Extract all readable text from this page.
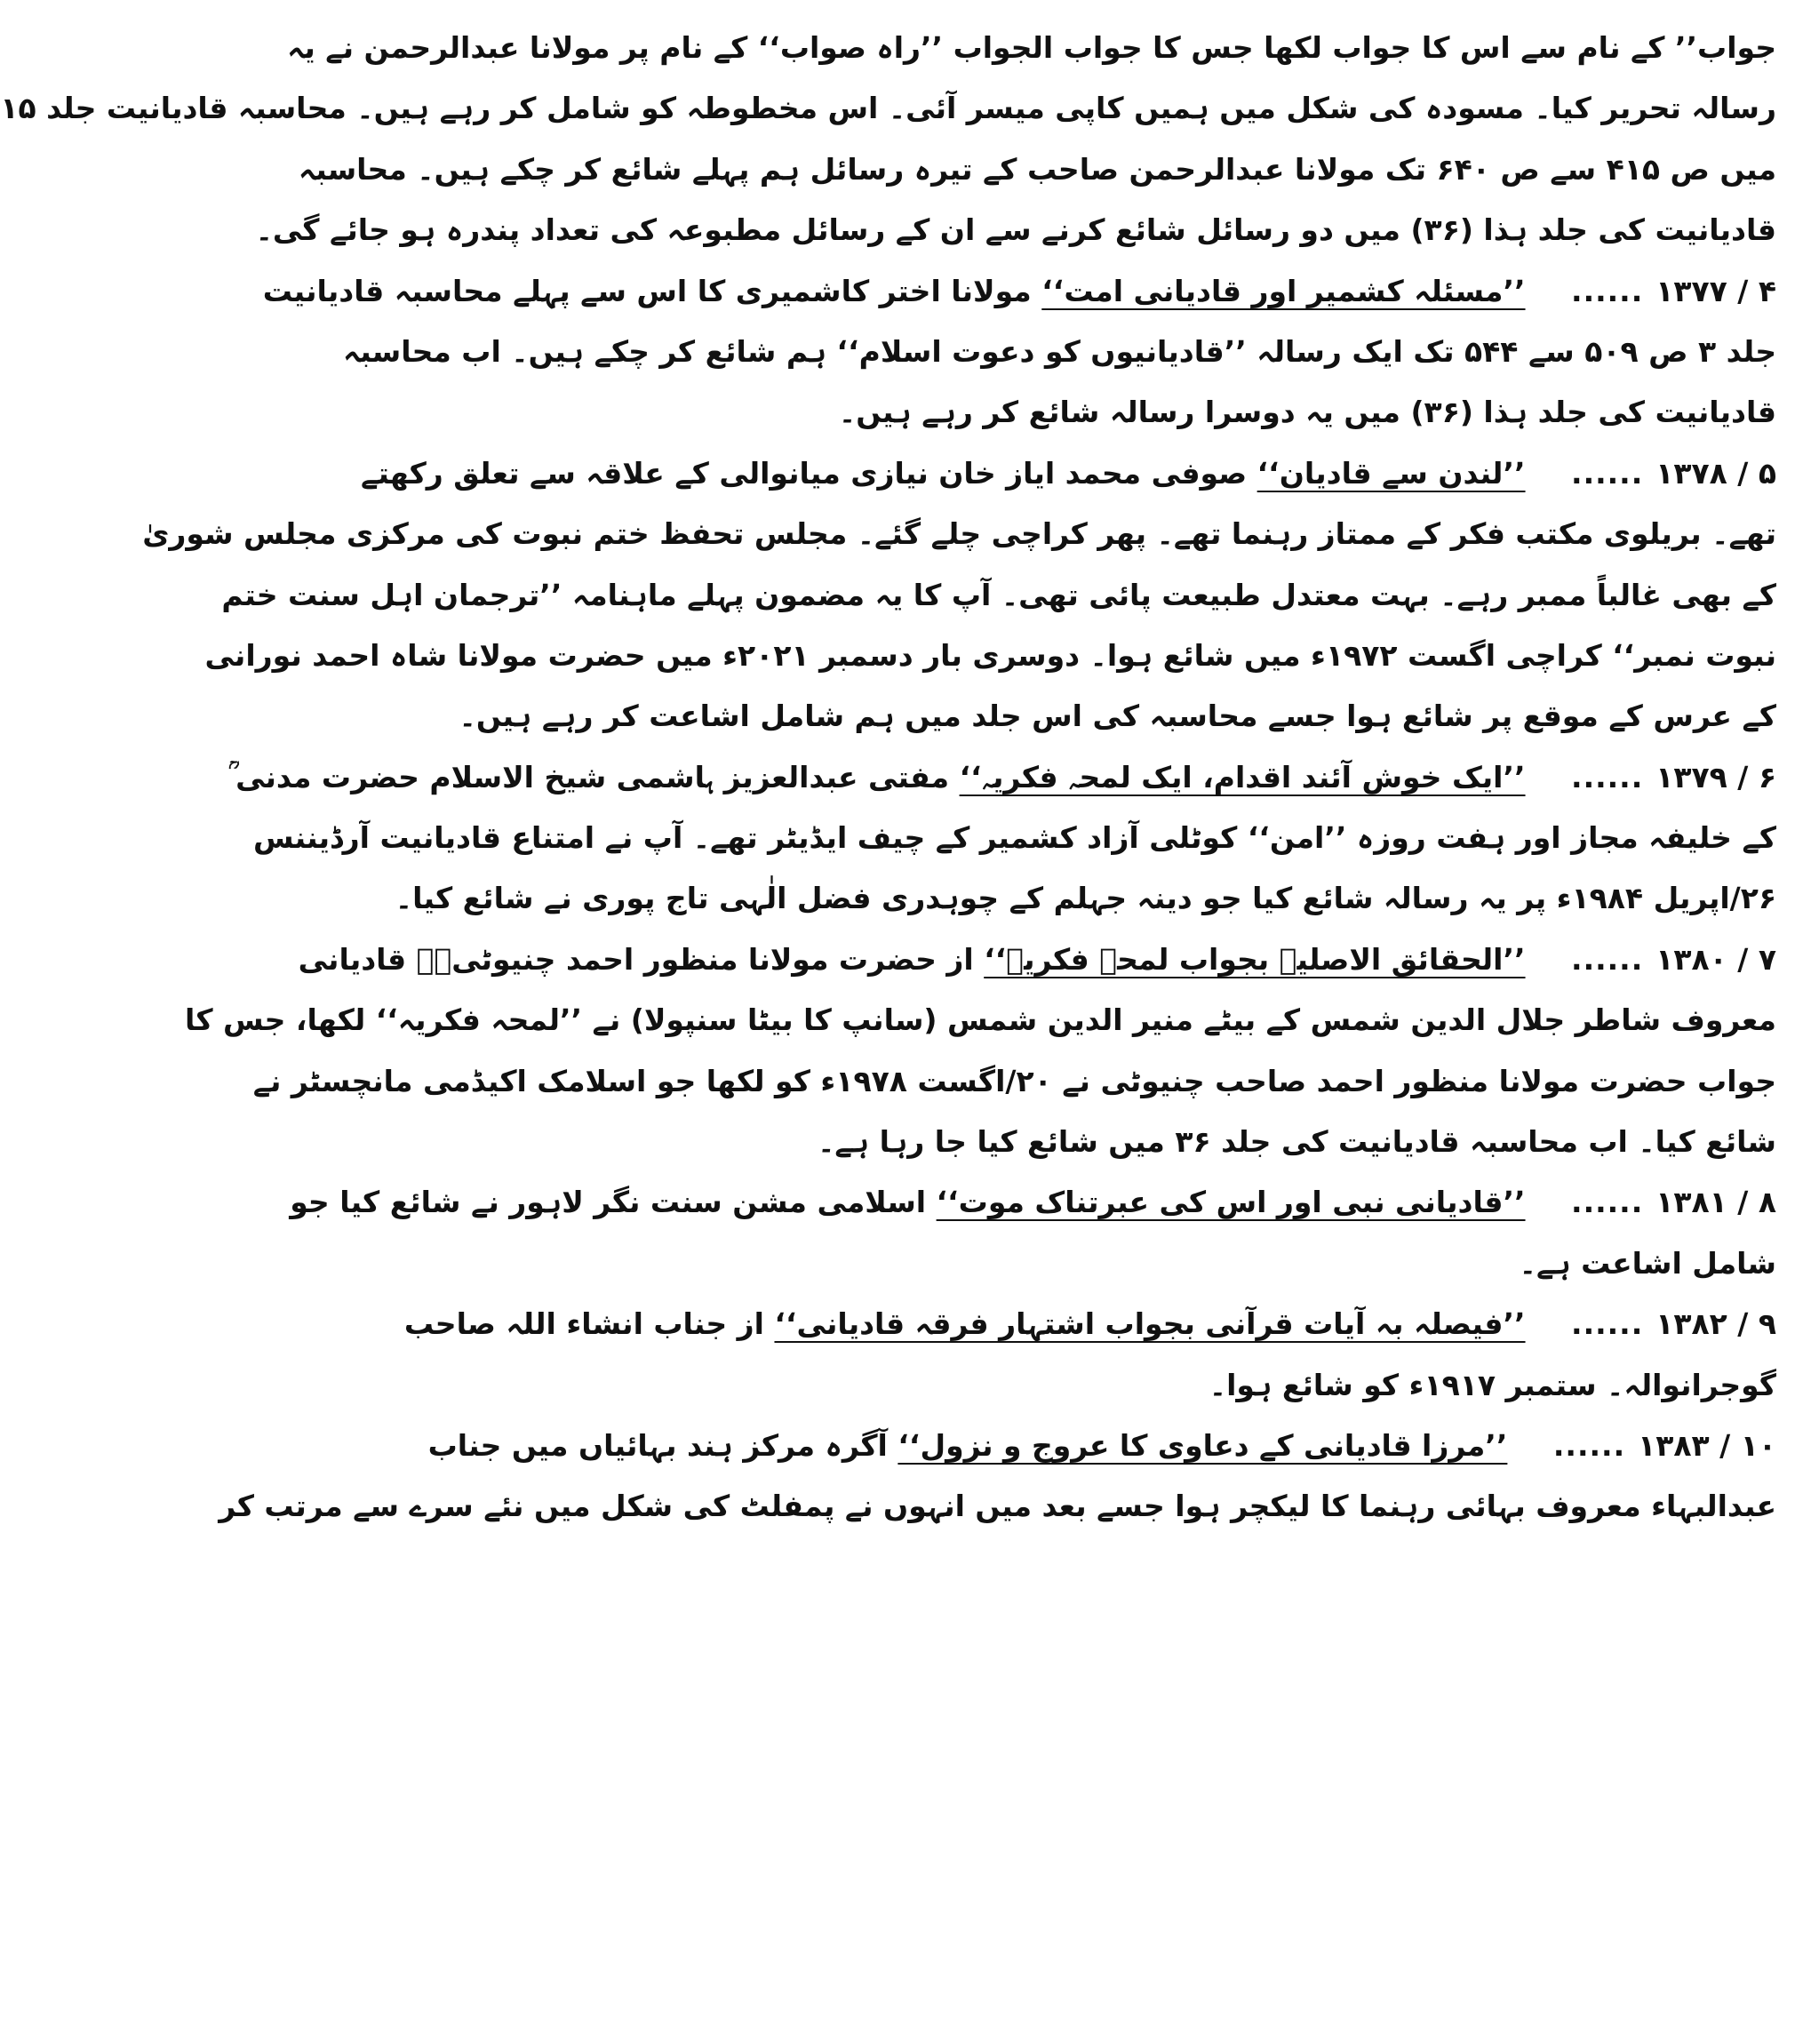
جواب’’ کے نام سے اس کا جواب لکھا جس کا جواب الجواب ’’راہ صواب‘‘ کے نام پر مولانا عبدالرحمن نے یہ
رسالہ تحریر کیا۔ مسودہ کی شکل میں ہمیں کاپی میسر آئی۔ اس مخطوطہ کو شامل کر رہے ہیں۔ محاسبہ قادیانیت جلد ۱۵
میں ص ۴۱۵ سے ص ۶۴۰ تک مولانا عبدالرحمن صاحب کے تیرہ رسائل ہم پہلے شائع کر چکے ہیں۔ محاسبہ
قادیانیت کی جلد ہذا (۳۶) میں دو رسائل شائع کرنے سے ان کے رسائل مطبوعہ کی تعداد پندرہ ہو جائے گی۔
۱۳۷۷ / ۴...... ’’مسئلہ کشمیر اور قادیانی امت‘‘ مولانا اختر کاشمیری کا اس سے پہلے محاسبہ قادیانیت
جلد ۳ ص ۵۰۹ سے ۵۴۴ تک ایک رسالہ ’’قادیانیوں کو دعوت اسلام‘‘ ہم شائع کر چکے ہیں۔ اب محاسبہ
قادیانیت کی جلد ہذا (۳۶) میں یہ دوسرا رسالہ شائع کر رہے ہیں۔
۱۳۷۸ / ۵...... ’’لندن سے قادیان‘‘ صوفی محمد ایاز خان نیازی میانوالی کے علاقہ سے تعلق رکھتے
تھے۔ بریلوی مکتب فکر کے ممتاز رہنما تھے۔ پھر کراچی چلے گئے۔ مجلس تحفظ ختم نبوت کی مرکزی مجلس شوریٰ
کے بھی غالباً ممبر رہے۔ بہت معتدل طبیعت پائی تھی۔ آپ کا یہ مضمون پہلے ماہنامہ ’’ترجمان اہل سنت ختم
نبوت نمبر‘‘ کراچی اگست ۱۹۷۲ء میں شائع ہوا۔ دوسری بار دسمبر ۲۰۲۱ء میں حضرت مولانا شاہ احمد نورانی
کے عرس کے موقع پر شائع ہوا جسے محاسبہ کی اس جلد میں ہم شامل اشاعت کر رہے ہیں۔
۱۳۷۹ / ۶...... ’’ایک خوش آئند اقدام، ایک لمحہ فکریہ‘‘ مفتی عبدالعزیز ہاشمی شیخ الاسلام حضرت مدنی ؒ
کے خلیفہ مجاز اور ہفت روزہ ’’امن‘‘ کوٹلی آزاد کشمیر کے چیف ایڈیٹر تھے۔ آپ نے امتناع قادیانیت آرڈیننس
۲۶/اپریل ۱۹۸۴ء پر یہ رسالہ شائع کیا جو دینہ جہلم کے چوہدری فضل الٰہی تاج پوری نے شائع کیا۔
۱۳۸۰ / ۷...... ’’الحقائق الاصلیہ بجواب لمحہ فکریہ‘‘ از حضرت مولانا منظور احمد چنیوٹیؒ۔ قادیانی
معروف شاطر جلال الدین شمس کے بیٹے منیر الدین شمس (سانپ کا بیٹا سنپولا) نے ’’لمحہ فکریہ‘‘ لکھا، جس کا
جواب حضرت مولانا منظور احمد صاحب چنیوٹی نے ۲۰/اگست ۱۹۷۸ء کو لکھا جو اسلامک اکیڈمی مانچسٹر نے
شائع کیا۔ اب محاسبہ قادیانیت کی جلد ۳۶ میں شائع کیا جا رہا ہے۔
۱۳۸۱ / ۸...... ’’قادیانی نبی اور اس کی عبرتناک موت‘‘ اسلامی مشن سنت نگر لاہور نے شائع کیا جو
شامل اشاعت ہے۔
۱۳۸۲ / ۹...... ’’فیصلہ بہ آیات قرآنی بجواب اشتہار فرقہ قادیانی‘‘ از جناب انشاء اللہ صاحب
گوجرانوالہ۔ ستمبر ۱۹۱۷ء کو شائع ہوا۔
۱۳۸۳ / ۱۰...... ’’مرزا قادیانی کے دعاوی کا عروج و نزول‘‘ آگرہ مرکز ہند بہائیاں میں جناب
عبدالبہاء معروف بہائی رہنما کا لیکچر ہوا جسے بعد میں انہوں نے پمفلٹ کی شکل میں نئے سرے سے مرتب کر
